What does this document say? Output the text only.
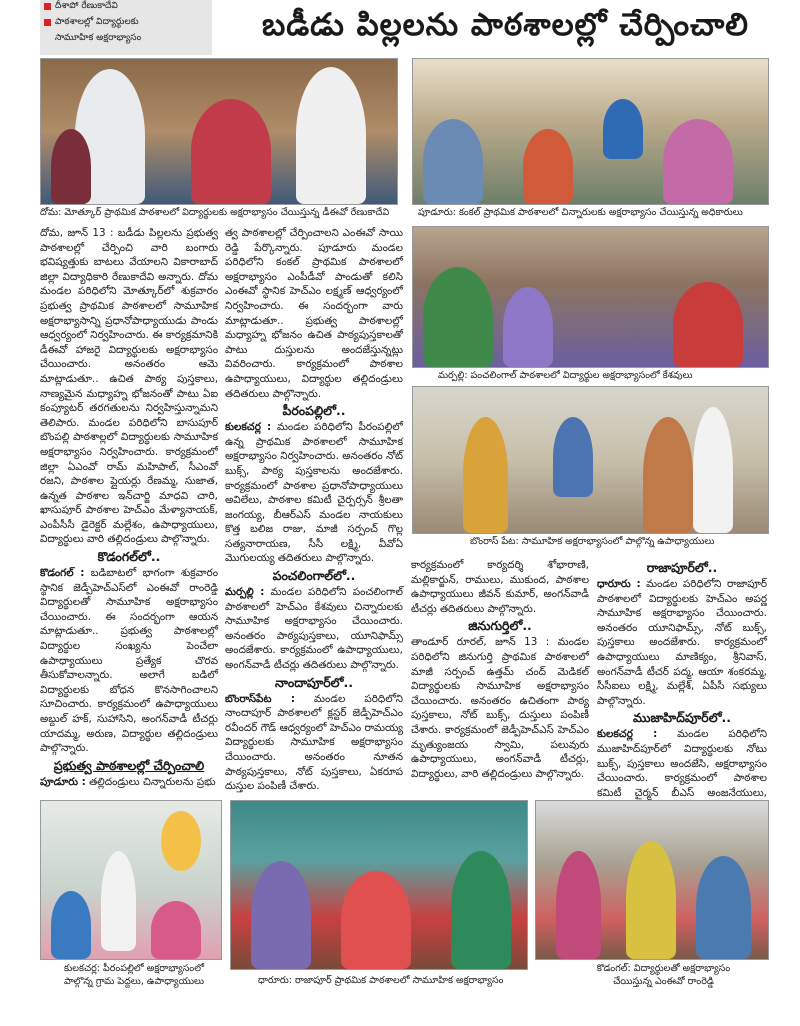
దీశాపో రేణుకాదేవి
పాఠశాలల్లో విద్యార్థులకు
సామూహిక అక్షరాభ్యాసం	బడీడు పిల్లలను పాఠశాలల్లో చేర్పించాలి
దోమ: మోత్కూర్ ప్రాథమిక పాఠశాలలో విద్యార్థులకు అక్షరాభ్యాసం చేయిస్తున్న డీఈవో రేణుకాదేవి	పూడూరు: కంకల్ ప్రాథమిక పాఠశాలలో చిన్నారులకు అక్షరాభ్యాసం చేయిస్తున్న అధికారులు
మర్పల్లి: పంచలింగాల్ పాఠశాలలో విద్యార్థుల అక్షరాభ్యాసంలో కేశవులు
బొంరాస్ పేట: సామూహిక అక్షరాభ్యాసంలో పాల్గొన్న ఉపాధ్యాయులు

దోమ, జూన్ 13 : బడీడు పిల్లలను ప్రభుత్వ పాఠశాలల్లో చేర్పించి వారి బంగారు భవిష్యత్తుకు బాటలు వేయాలని వికారాబాద్ జిల్లా విద్యాధికారి రేణుకాదేవి అన్నారు. దోమ మండల పరిధిలోని మోత్కూర్‌లో శుక్రవారం ప్రభుత్వ ప్రాథమిక పాఠశాలలో సామూహిక అక్షరాభ్యాసాన్ని ప్రధానోపాధ్యాయుడు పాండు ఆధ్వర్యంలో నిర్వహించారు. ఈ కార్యక్రమానికి డీఈవో హాజరై విద్యార్థులకు అక్షరాభ్యాసం చేయించారు. అనంతరం ఆమె మాట్లాడుతూ.. ఉచిత పాఠ్య పుస్తకాలు, నాణ్యమైన మధ్యాహ్న భోజనంతో పాటు ఏఐ కంప్యూటర్ తరగతులను నిర్వహిస్తున్నామని తెలిపారు. మండల పరిధిలోని బాసుపూర్ బొంపల్లి పాఠశాల్లలో విద్యార్థులకు సామూహిక అక్షరాభ్యాసం నిర్వహించారు. కార్యక్రమంలో జిల్లా ఏఎంవో రామ్ మహిపాల్, సీఎంవో రజని, పాఠశాల ప్లైయర్లు రేణమ్మ, సుజాత, ఉన్నత పాఠశాల ఇన్‌చార్జి మాధవి చారి, ఖాసుపూర్ పాఠశాల హెచ్‌ఎం మేళ్యానాయక్, ఎంపీసీసీ డైరెక్టర్ మల్లేశం, ఉపాధ్యాయులు, విద్యార్థులు వారి తల్లిదండ్రులు పాల్గొన్నారు.

కొడంగల్‌లో..

కొడంగల్ : బడిబాటలో భాగంగా శుక్రవారం స్థానిక జెడ్పీహెచ్‌ఎస్‌లో ఎంఈవో రాంరెడ్డి విద్యార్థులతో సామూహిక అక్షరాభ్యాసం చేయించారు. ఈ సందర్భంగా ఆయన మాట్లాడుతూ.. ప్రభుత్వ పాఠశాలల్లో విద్యార్థుల సంఖ్యను పెంచేలా ఉపాధ్యాయులు ప్రత్యేక చొరవ తీసుకోవాలన్నారు. అలాగే బడిలో విద్యార్థులకు బోధన కొనసాగించాలని సూచించారు. కార్యక్రమంలో ఉపాధ్యాయులు అబ్దుల్ హక్, సుహాసిని, అంగన్‌వాడీ టీచర్లు యాదమ్మ, అరుణ, విద్యార్థుల తల్లిదండ్రులు పాల్గొన్నారు.

ప్రభుత్వ పాఠశాలల్లో చేర్పించాలి

పూడూరు : తల్లిదండ్రులు చిన్నారులను ప్రభు

త్వ పాఠశాలల్లో చేర్పించాలని ఎంఈవో సాయి రెడ్డి పేర్కొన్నారు. పూడూరు మండల పరిధిలోని కంకల్ ప్రాథమిక పాఠశాలలో అక్షరాభ్యాసం ఎంపీడీవో పాండుతో కలిసి ఎంఈవో స్థానిక హెచ్‌ఎం లక్ష్మణ్ ఆధ్వర్యంలో నిర్వహించారు. ఈ సందర్భంగా వారు మాట్లాడుతూ.. ప్రభుత్వ పాఠశాలల్లో మధ్యాహ్న భోజనం ఉచిత పాఠ్యపుస్తకాలతో పాటు దుస్తులను అందజేస్తున్నట్లు వివరించారు. కార్యక్రమంలో పాఠశాల ఉపాధ్యాయులు, విద్యార్థుల తల్లిదండ్రులు తదితరులు పాల్గొన్నారు.

పీరంపల్లిలో..

కులకచర్ల : మండల పరిధిలోని పీరంపల్లిలో ఉన్న ప్రాథమిక పాఠశాలలో సామూహిక అక్షరాభ్యాసం నిర్వహించారు. అనంతరం నోట్ బుక్స్, పాఠ్య పుస్తకాలను అందజేశారు. కార్యక్రమంలో పాఠశాల ప్రధానోపాధ్యాయులు అవిలేలు, పాఠశాల కమిటీ చైర్పర్సన్ శ్రీలతా జంగయ్య, బీఆర్ఎస్ మండల నాయకులు కొత్త బలిజ రాజు, మాజీ సర్పంచ్ గొల్ల సత్యనారాయణ, సీసీ లక్ష్మి, వీవోఏ మొగులయ్య తదితరులు పాల్గొన్నారు.

పంచలింగాల్‌లో..

మర్పల్లి : మండల పరిధిలోని పంచలింగాల్ పాఠశాలలో హెచ్‌ఎం కేశవులు చిన్నారులకు సామూహిక అక్షరాభ్యాసం చేయించారు. అనంతరం పాఠ్యపుస్తకాలు, యూనిఫామ్స్ అందజేశారు. కార్యక్రమంలో ఉపాధ్యాయులు, అంగన్‌వాడీ టీచర్లు తదితరులు పాల్గొన్నారు.

నాందాపూర్‌లో..

బొంరాస్‌పేట : మండల పరిధిలోని నాందాపూర్ పాఠశాలలో క్లస్టర్ జెడ్పీహెచ్‌ఎం రవీందర్ గౌడ్ ఆధ్వర్యంలో హెచ్‌ఎం రామయ్య విద్యార్థులకు సామూహిక అక్షరాభ్యాసం చేయించారు. అనంతరం నూతన పాఠ్యపుస్తకాలు, నోట్ పుస్తకాలు, ఏకరూప దుస్తుల పంపిణీ చేశారు.

కార్యక్రమంలో కార్యదర్శి శోభారాణి, మల్లికార్జున్, రాములు, ముకుంద, పాఠశాల ఉపాధ్యాయులు జీవన్ కుమార్, అంగన్‌వాడీ టీచర్లు తదితరులు పాల్గొన్నారు.

జినుగుర్తిలో..

తాండూర్ రూరల్, జూన్ 13 : మండల పరిధిలోని జినుగుర్తి ప్రాథమిక పాఠశాలలో మాజీ సర్పంచ్ ఉత్తమ్ చంద్ మెడికల్ విద్యార్థులకు సామూహిక అక్షరాభ్యాసం చేయించారు. అనంతరం ఉచితంగా పాఠ్య పుస్తకాలు, నోట్ బుక్స్, దుస్తులు పంపిణీ చేశారు. కార్యక్రమంలో జెడ్పీహెచ్ఎస్ హెచ్ఎం మృత్యుంజయ స్వామి, పలువురు ఉపాధ్యాయులు, అంగన్‌వాడీ టీచర్లు, విద్యార్థులు, వారి తల్లిదండ్రులు పాల్గొన్నారు.

రాజాపూర్‌లో..

ధారూరు : మండల పరిధిలోని రాజాపూర్ పాఠశాలలో విద్యార్థులకు హెచ్ఎం అపర్ణ సామూహిక అక్షరాభ్యాసం చేయించారు. అనంతరం యూనిఫామ్స్, నోట్ బుక్స్, పుస్తకాలు అందజేశారు. కార్యక్రమంలో ఉపాధ్యాయులు మాణిక్యం, శ్రీనివాస్, అంగన్‌వాడీ టీచర్ పద్మ, ఆయా శంకరమ్మ, సీసీఐలు లక్ష్మి, మల్లేశ్, ఏపీసీ సభ్యులు పాల్గొన్నారు.

ముజాహిద్‌పూర్‌లో..

కులకచర్ల : మండల పరిధిలోని ముజాహిద్‌పూర్‌లో విద్యార్థులకు నోటు బుక్స్, పుస్తకాలు అందజేసి, అక్షరాభ్యాసం చేయించారు. కార్యక్రమంలో పాఠశాల కమిటీ చైర్మన్ బీఎస్ అంజనేయులు,

కులకచర్ల: పీరంపల్లిలో అక్షరాభ్యాసంలో
పాల్గొన్న గ్రామ పెద్దలు, ఉపాధ్యాయులు	ధారూరు: రాజాపూర్ ప్రాథమిక పాఠశాలలో సామూహిక అక్షరాభ్యాసం
కొడంగల్: విద్యార్థులతో అక్షరాభ్యాసం
చేయిస్తున్న ఎంఈవో రాంరెడ్డి
